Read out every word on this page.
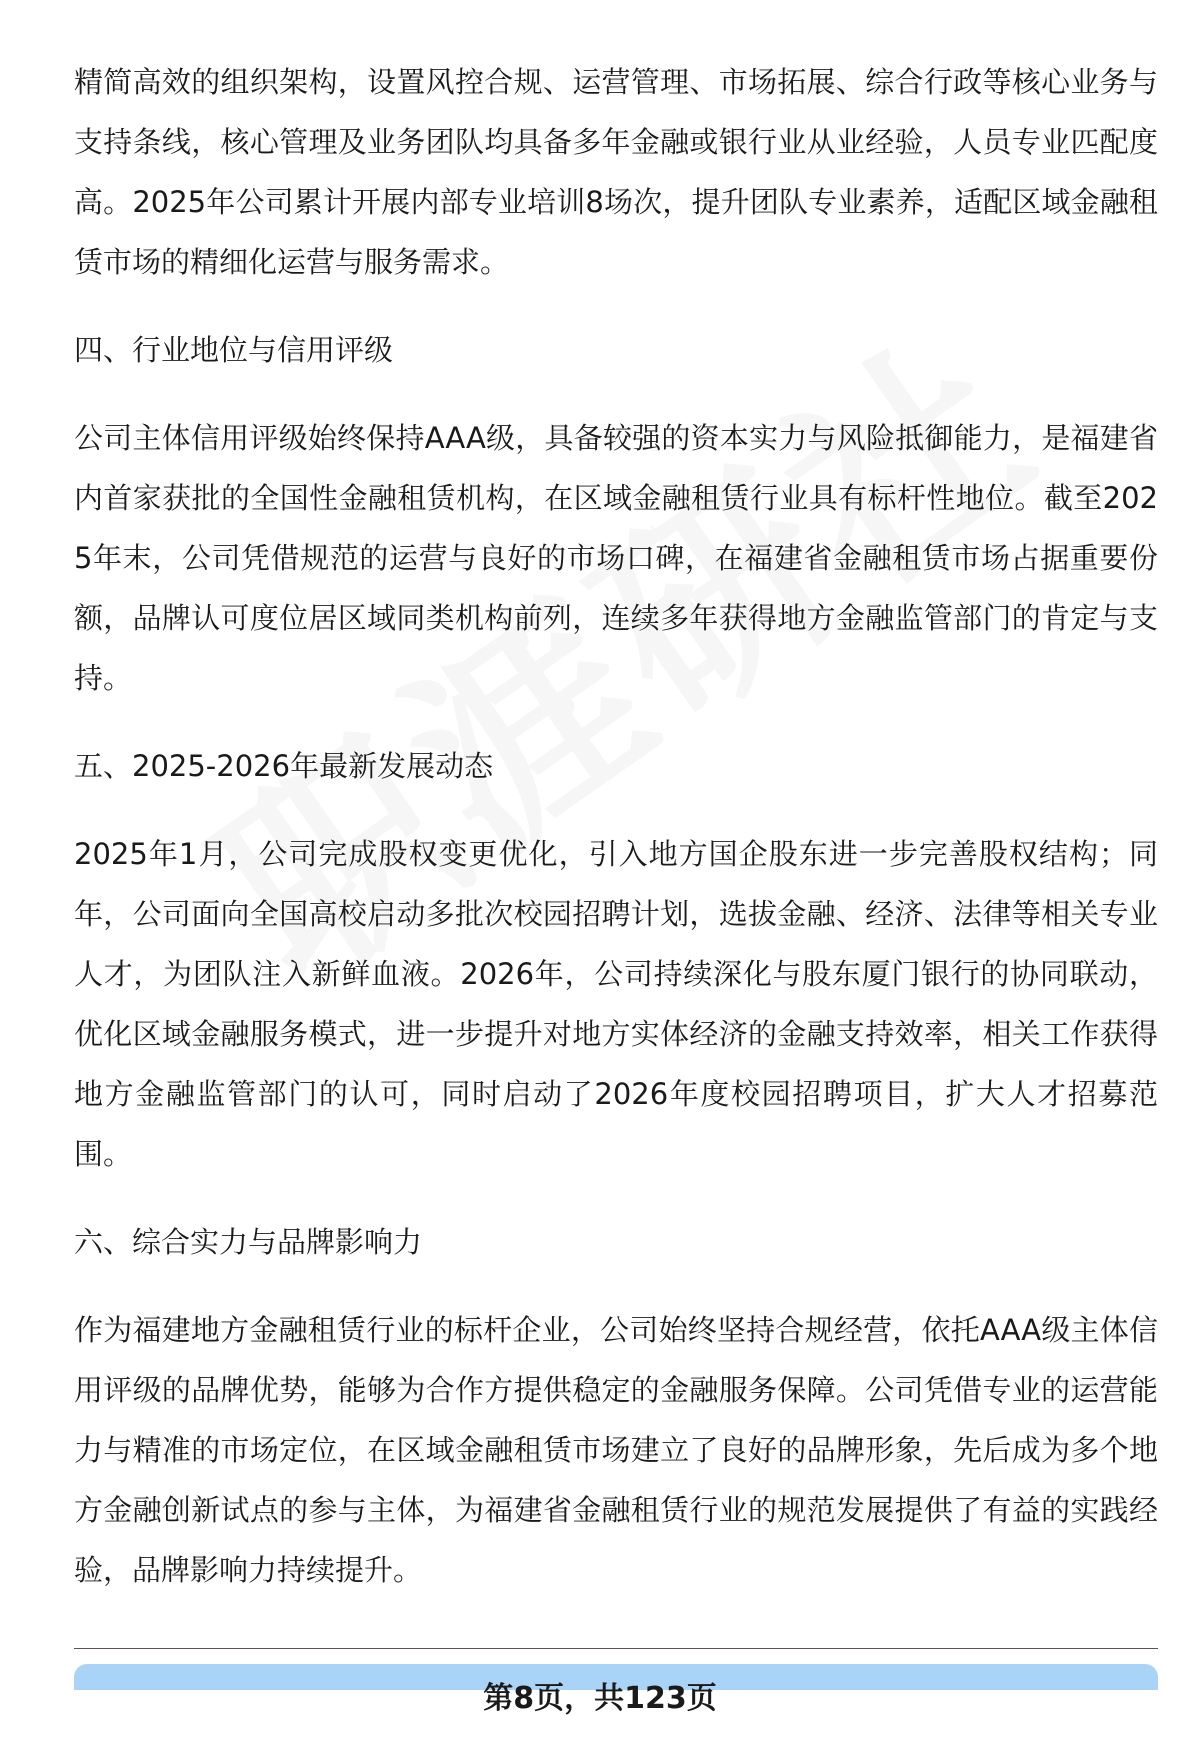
精简高效的组织架构，设置风控合规、运营管理、市场拓展、综合行政等核心业务与支持条线，核心管理及业务团队均具备多年金融或银行业从业经验，人员专业匹配度高。2025年公司累计开展内部专业培训8场次，提升团队专业素养，适配区域金融租赁市场的精细化运营与服务需求。

四、行业地位与信用评级

公司主体信用评级始终保持AAA级，具备较强的资本实力与风险抵御能力，是福建省内首家获批的全国性金融租赁机构，在区域金融租赁行业具有标杆性地位。截至2025年末，公司凭借规范的运营与良好的市场口碑，在福建省金融租赁市场占据重要份额，品牌认可度位居区域同类机构前列，连续多年获得地方金融监管部门的肯定与支持。

五、2025-2026年最新发展动态

2025年1月，公司完成股权变更优化，引入地方国企股东进一步完善股权结构；同年，公司面向全国高校启动多批次校园招聘计划，选拔金融、经济、法律等相关专业人才，为团队注入新鲜血液。2026年，公司持续深化与股东厦门银行的协同联动，优化区域金融服务模式，进一步提升对地方实体经济的金融支持效率，相关工作获得地方金融监管部门的认可，同时启动了2026年度校园招聘项目，扩大人才招募范围。

六、综合实力与品牌影响力

作为福建地方金融租赁行业的标杆企业，公司始终坚持合规经营，依托AAA级主体信用评级的品牌优势，能够为合作方提供稳定的金融服务保障。公司凭借专业的运营能力与精准的市场定位，在区域金融租赁市场建立了良好的品牌形象，先后成为多个地方金融创新试点的参与主体，为福建省金融租赁行业的规范发展提供了有益的实践经验，品牌影响力持续提升。

第8页，共123页
